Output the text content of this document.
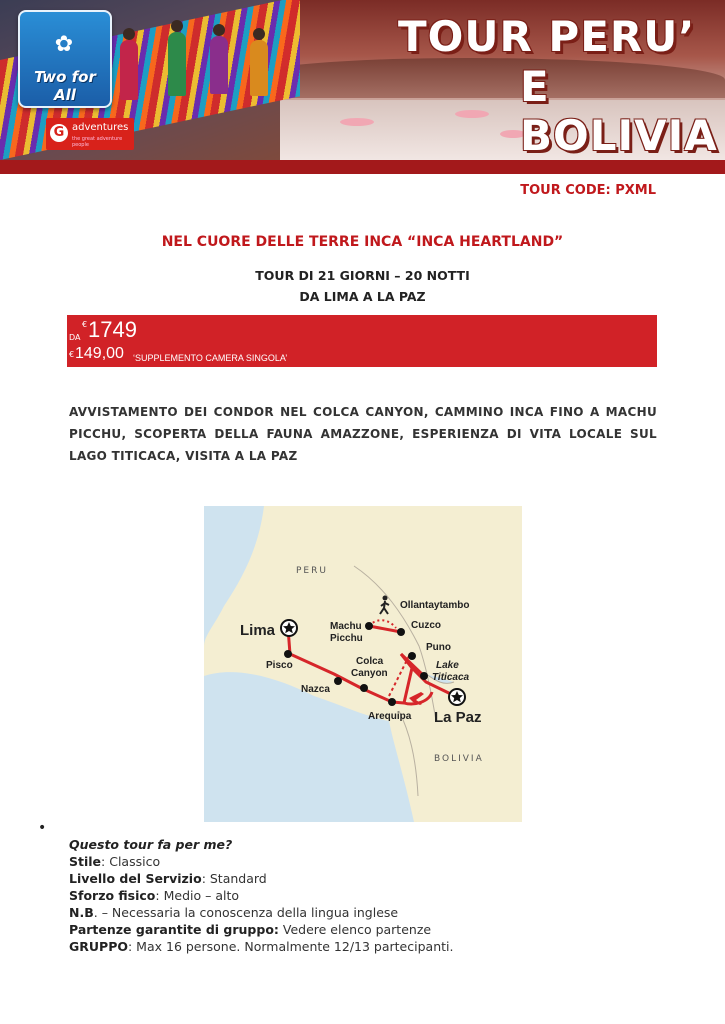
✿
Two for All
G adventures
the great adventure people
TOUR PERU’
E BOLIVIA
TOUR CODE: PXML
NEL CUORE DELLE TERRE INCA “INCA HEARTLAND”
TOUR DI 21 GIORNI – 20 NOTTI
DA LIMA A LA PAZ
DA
€ 1749
€ 149,00 ‘SUPPLEMENTO CAMERA SINGOLA’
AVVISTAMENTO DEI CONDOR NEL COLCA CANYON, CAMMINO INCA FINO A MACHU PICCHU, SCOPERTA DELLA FAUNA AMAZZONE, ESPERIENZA DI VITA LOCALE SUL LAGO TITICACA, VISITA A LA PAZ
PERU
BOLIVIA
Lima
Pisco
Nazca
Arequipa
Colca
Canyon
Machu
Picchu
Ollantaytambo
Cuzco
Puno
Lake
Titicaca
La Paz
•
Questo tour fa per me?
Stile: Classico
Livello del Servizio: Standard
Sforzo fisico: Medio – alto
N.B. – Necessaria la conoscenza della lingua inglese
Partenze garantite di gruppo: Vedere elenco partenze
GRUPPO: Max 16 persone. Normalmente 12/13 partecipanti.
